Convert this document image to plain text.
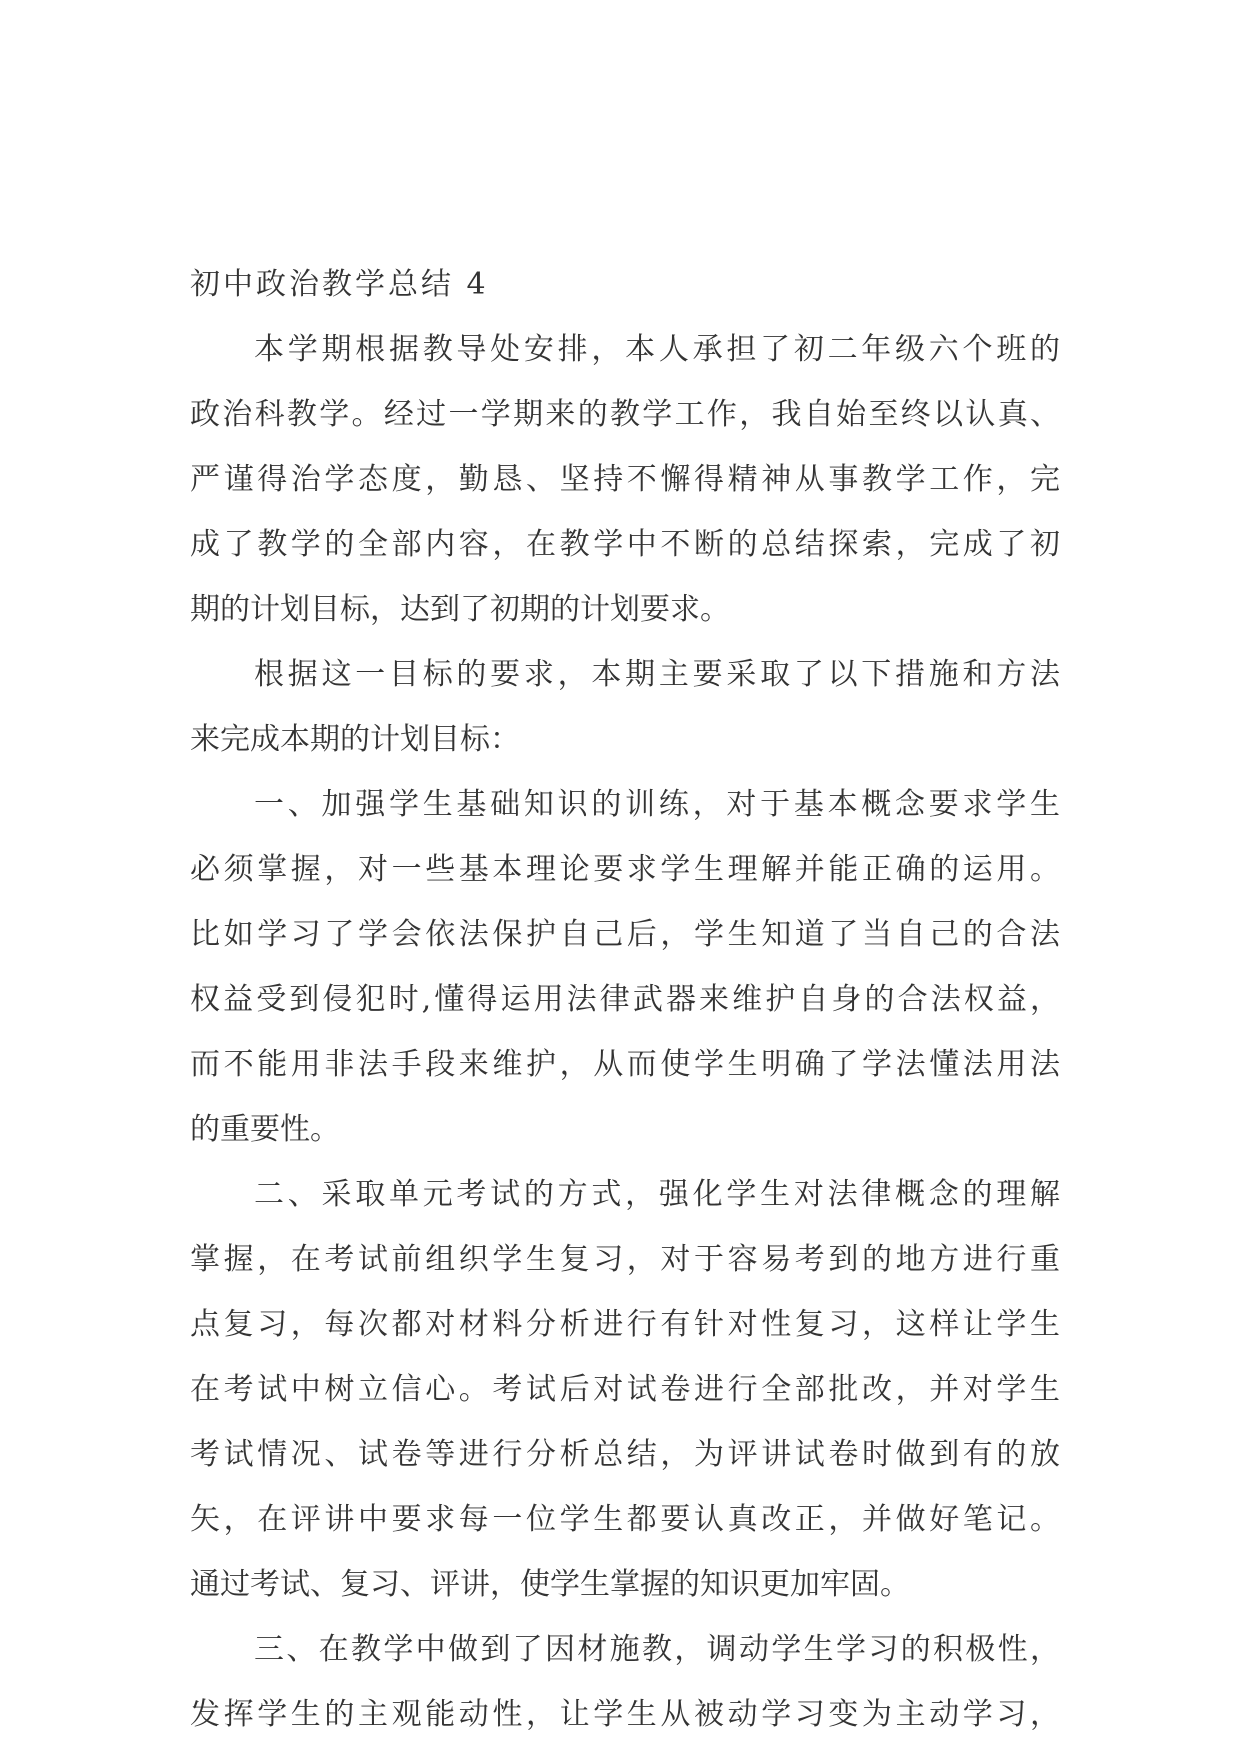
初中政治教学总结 4
本学期根据教导处安排，本人承担了初二年级六个班的
政治科教学。经过一学期来的教学工作，我自始至终以认真、
严谨得治学态度，勤恳、坚持不懈得精神从事教学工作，完
成了教学的全部内容，在教学中不断的总结探索，完成了初
期的计划目标，达到了初期的计划要求。
根据这一目标的要求，本期主要采取了以下措施和方法
来完成本期的计划目标：
一、加强学生基础知识的训练，对于基本概念要求学生
必须掌握，对一些基本理论要求学生理解并能正确的运用。
比如学习了学会依法保护自己后，学生知道了当自己的合法
权益受到侵犯时,懂得运用法律武器来维护自身的合法权益，
而不能用非法手段来维护，从而使学生明确了学法懂法用法
的重要性。
二、采取单元考试的方式，强化学生对法律概念的理解
掌握，在考试前组织学生复习，对于容易考到的地方进行重
点复习，每次都对材料分析进行有针对性复习，这样让学生
在考试中树立信心。考试后对试卷进行全部批改，并对学生
考试情况、试卷等进行分析总结，为评讲试卷时做到有的放
矢，在评讲中要求每一位学生都要认真改正，并做好笔记。
通过考试、复习、评讲，使学生掌握的知识更加牢固。
三、在教学中做到了因材施教，调动学生学习的积极性，
发挥学生的主观能动性，让学生从被动学习变为主动学习，
